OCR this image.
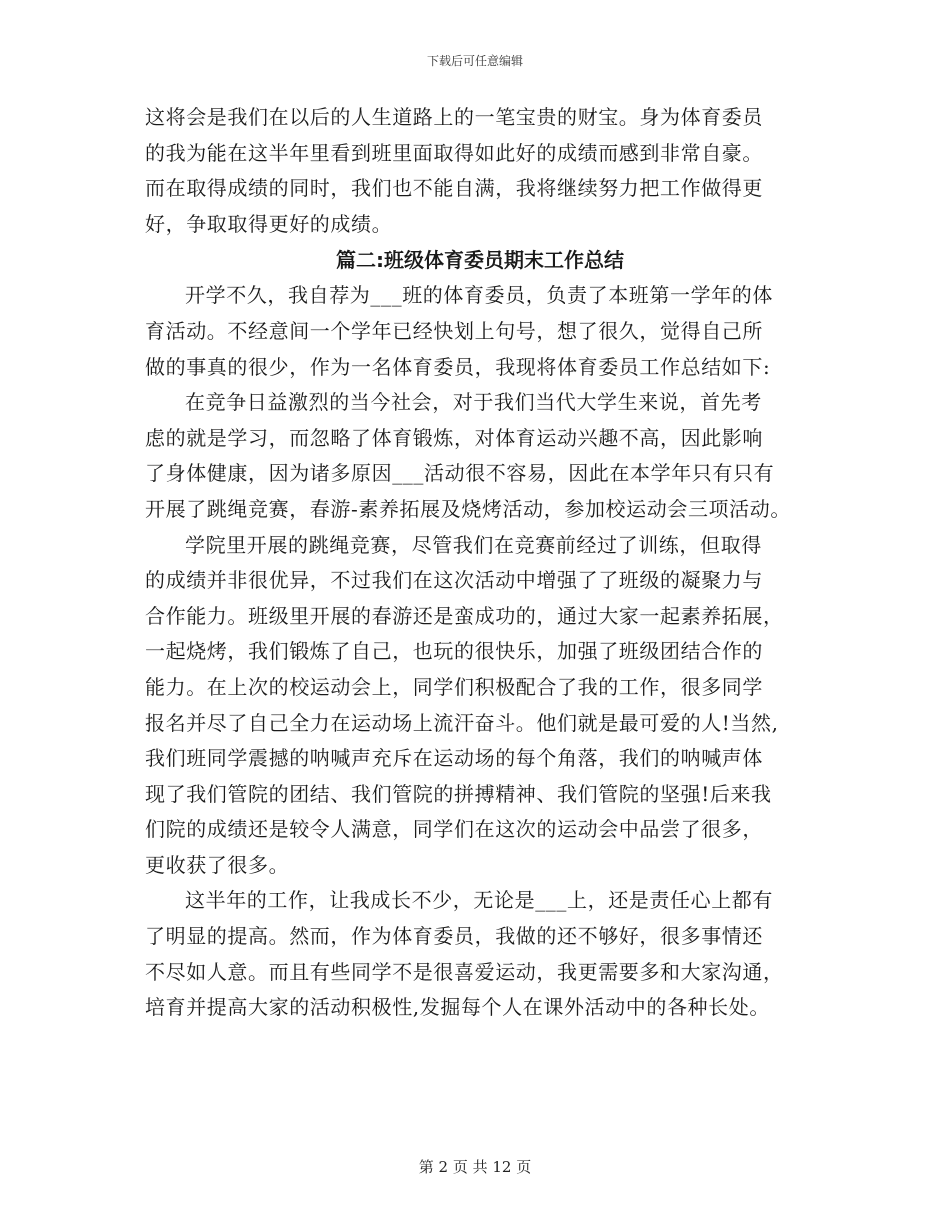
下载后可任意编辑
这将会是我们在以后的人生道路上的一笔宝贵的财宝。身为体育委员
的我为能在这半年里看到班里面取得如此好的成绩而感到非常自豪。
而在取得成绩的同时，我们也不能自满，我将继续努力把工作做得更
好，争取取得更好的成绩。
篇二:班级体育委员期末工作总结
开学不久，我自荐为___班的体育委员，负责了本班第一学年的体
育活动。不经意间一个学年已经快划上句号，想了很久，觉得自己所
做的事真的很少，作为一名体育委员，我现将体育委员工作总结如下:
在竞争日益激烈的当今社会，对于我们当代大学生来说，首先考
虑的就是学习，而忽略了体育锻炼，对体育运动兴趣不高，因此影响
了身体健康，因为诸多原因___活动很不容易，因此在本学年只有只有
开展了跳绳竞赛，春游-素养拓展及烧烤活动，参加校运动会三项活动。
学院里开展的跳绳竞赛，尽管我们在竞赛前经过了训练，但取得
的成绩并非很优异，不过我们在这次活动中增强了了班级的凝聚力与
合作能力。班级里开展的春游还是蛮成功的，通过大家一起素养拓展，
一起烧烤，我们锻炼了自己，也玩的很快乐，加强了班级团结合作的
能力。在上次的校运动会上，同学们积极配合了我的工作，很多同学
报名并尽了自己全力在运动场上流汗奋斗。他们就是最可爱的人!当然,
我们班同学震撼的呐喊声充斥在运动场的每个角落，我们的呐喊声体
现了我们管院的团结、我们管院的拼搏精神、我们管院的坚强!后来我
们院的成绩还是较令人满意，同学们在这次的运动会中品尝了很多，
更收获了很多。
这半年的工作，让我成长不少，无论是___上，还是责任心上都有
了明显的提高。然而，作为体育委员，我做的还不够好，很多事情还
不尽如人意。而且有些同学不是很喜爱运动，我更需要多和大家沟通，
培育并提高大家的活动积极性,发掘每个人在课外活动中的各种长处。
第 2 页 共 12 页
